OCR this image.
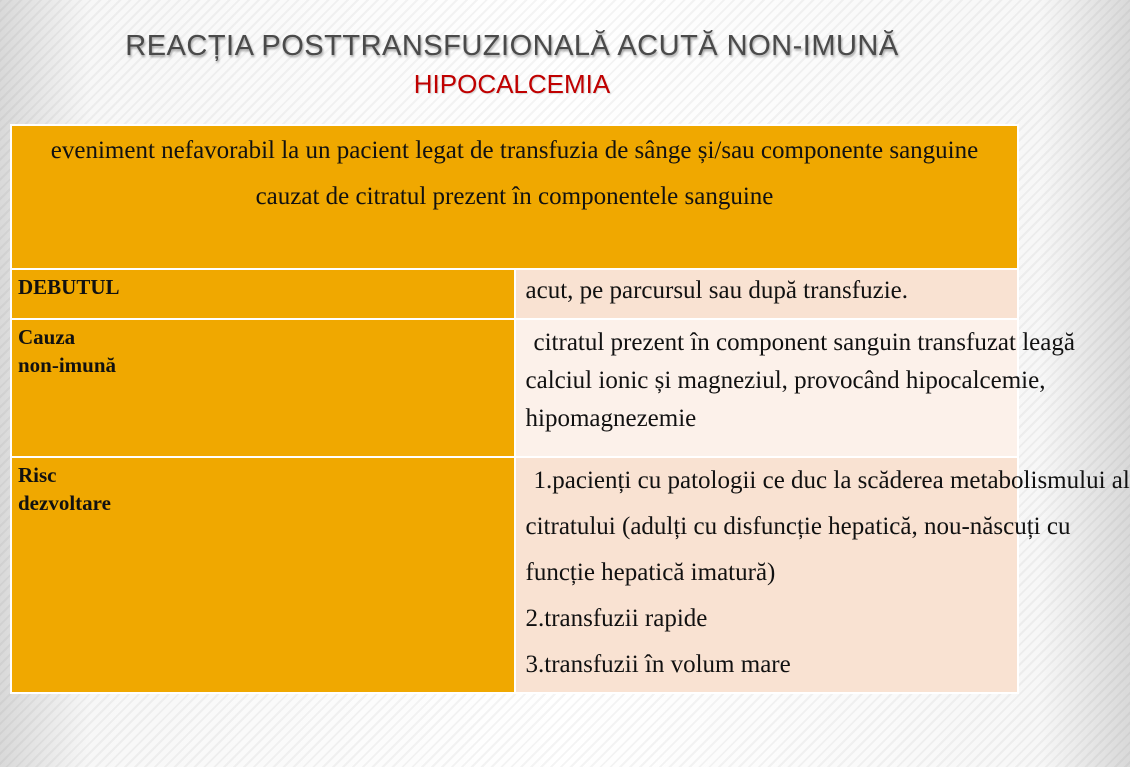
REACȚIA POSTTRANSFUZIONALĂ ACUTĂ NON-IMUNĂ
HIPOCALCEMIA
eveniment nefavorabil la un pacient legat de transfuzia de sânge și/sau componente sanguine cauzat de citratul prezent în componentele sanguine	
DEBUTUL	acut, pe parcursul sau după transfuzie.

Cauza
non-imună	citratul prezent în component sanguin transfuzat leagă
calciul ionic și magneziul, provocând hipocalcemie,
hipomagnezemie

Risc
dezvoltare	1.pacienți cu patologii ce duc la scăderea metabolismului al
citratului (adulți cu disfuncție hepatică, nou-născuți cu
funcție hepatică imatură)
2.transfuzii rapide
3.transfuzii în volum mare
